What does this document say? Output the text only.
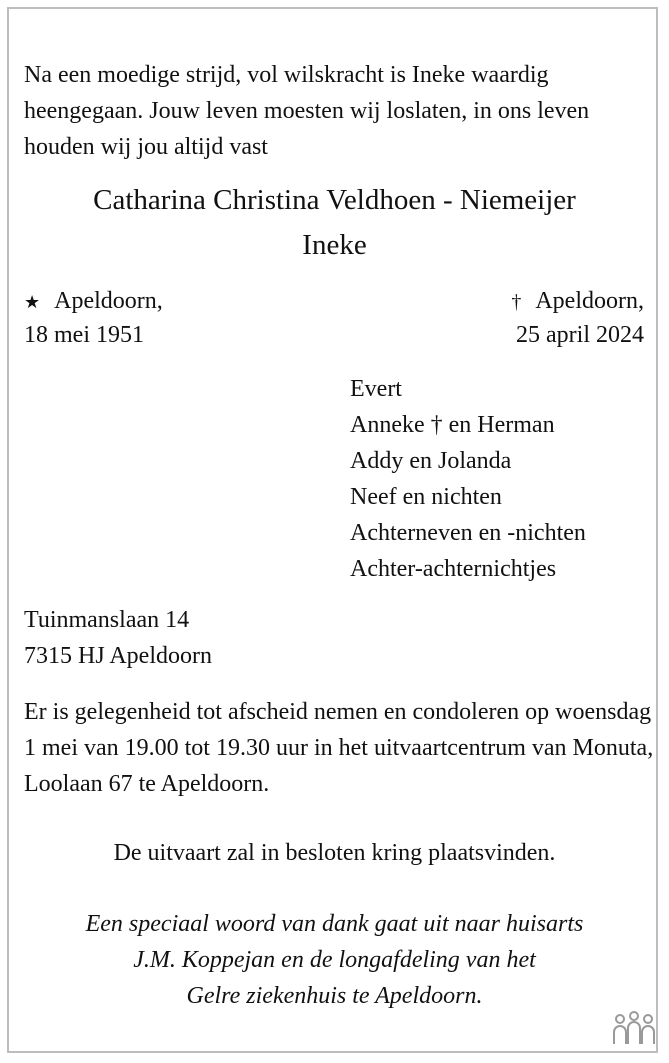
Na een moedige strijd, vol wilskracht is Ineke waardig heengegaan. Jouw leven moesten wij loslaten, in ons leven houden wij jou altijd vast
Catharina Christina Veldhoen - Niemeijer
Ineke
★ Apeldoorn,
18 mei 1951
† Apeldoorn,
25 april 2024
Evert
Anneke † en Herman
Addy en Jolanda
Neef en nichten
Achterneven en -nichten
Achter-achternichtjes
Tuinmanslaan 14
7315 HJ Apeldoorn
Er is gelegenheid tot afscheid nemen en condoleren op woensdag 1 mei van 19.00 tot 19.30 uur in het uitvaartcentrum van Monuta, Loolaan 67 te Apeldoorn.
De uitvaart zal in besloten kring plaatsvinden.
Een speciaal woord van dank gaat uit naar huisarts
J.M. Koppejan en de longafdeling van het
Gelre ziekenhuis te Apeldoorn.
